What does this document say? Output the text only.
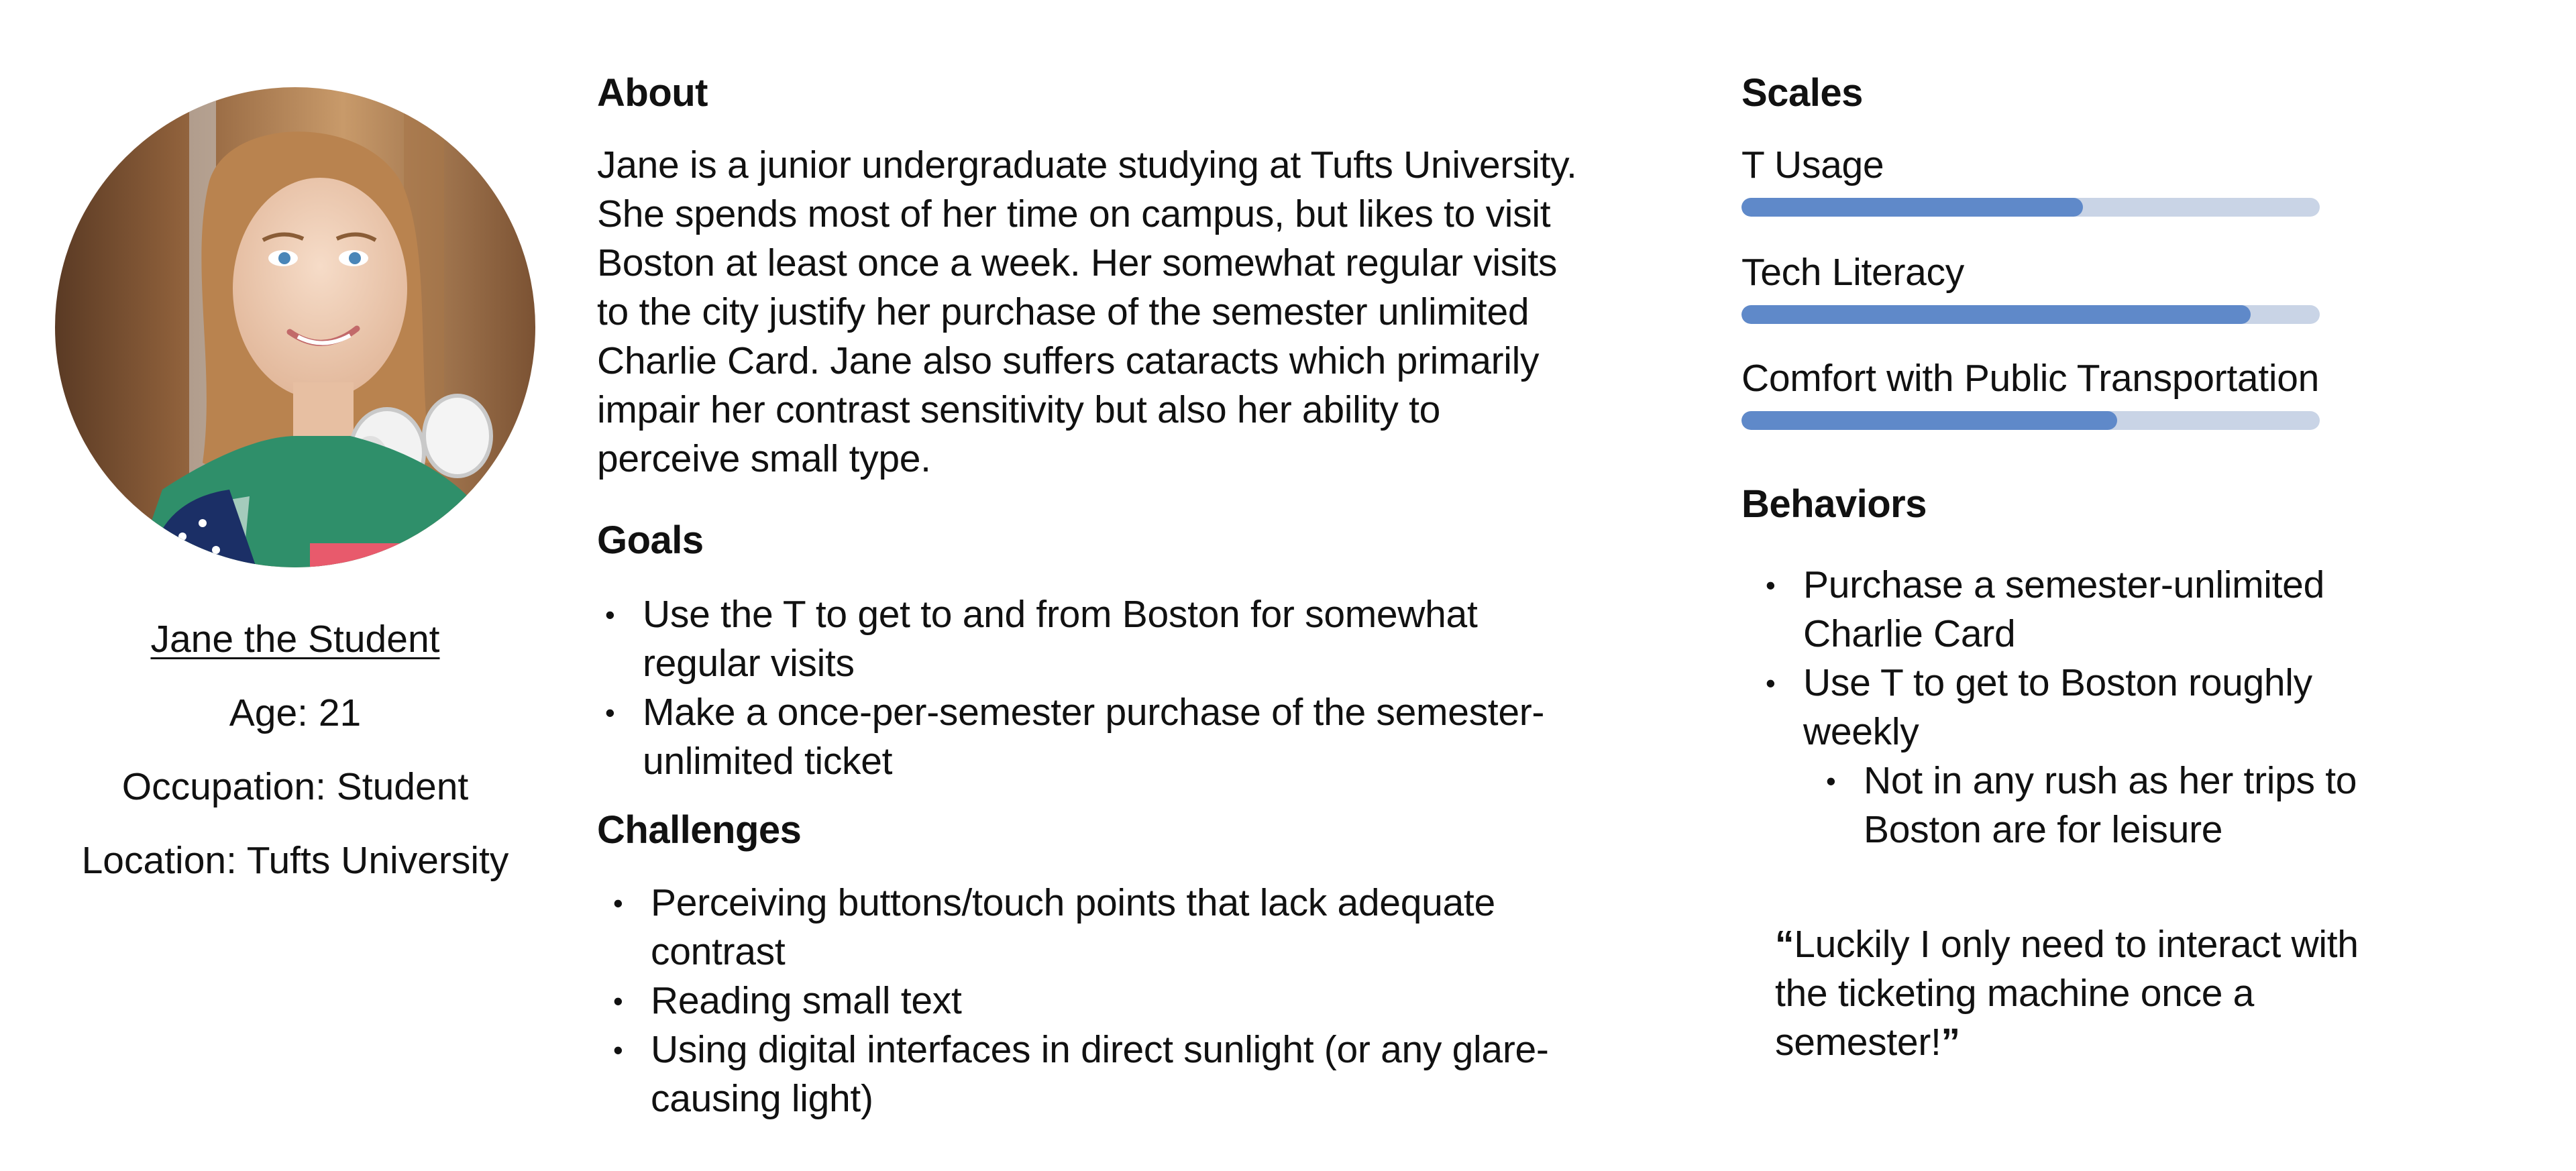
Jane the Student
Age: 21
Occupation: Student
Location: Tufts University
About

Jane is a junior undergraduate studying at Tufts University.

She spends most of her time on campus, but likes to visit

Boston at least once a week. Her somewhat regular visits

to the city justify her purchase of the semester unlimited

Charlie Card. Jane also suffers cataracts which primarily

impair her contrast sensitivity but also her ability to

perceive small type.

Goals
• Use the T to get to and from Boston for somewhat
regular visits
• Make a once-per-semester purchase of the semester-
unlimited ticket
Challenges
• Perceiving buttons/touch points that lack adequate
contrast
• Reading small text
• Using digital interfaces in direct sunlight (or any glare-
causing light)
Scales

T Usage

Tech Literacy

Comfort with Public Transportation

Behaviors
• Purchase a semester-unlimited
Charlie Card
• Use T to get to Boston roughly
weekly
• Not in any rush as her trips to
Boston are for leisure

“Luckily I only need to interact with

the ticketing machine once a

semester!”
